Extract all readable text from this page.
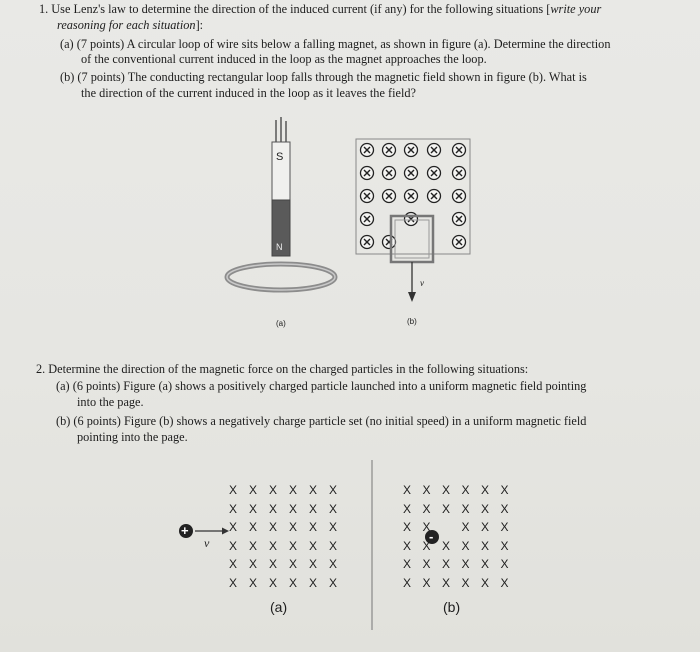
1. Use Lenz's law to determine the direction of the induced current (if any) for the following situations [write your
reasoning for each situation]:
(a) (7 points) A circular loop of wire sits below a falling magnet, as shown in figure (a). Determine the direction
of the conventional current induced in the loop as the magnet approaches the loop.
(b) (7 points) The conducting rectangular loop falls through the magnetic field shown in figure (b). What is
the direction of the current induced in the loop as it leaves the field?
S
N
(a)
v
(b)
2. Determine the direction of the magnetic force on the charged particles in the following situations:
(a) (6 points) Figure (a) shows a positively charged particle launched into a uniform magnetic field pointing
into the page.
(b) (6 points) Figure (b) shows a negatively charge particle set (no initial speed) in a uniform magnetic field
pointing into the page.
+	-
v
(a)	(b)
X X X X X X
X X X X X X
X X X X X X
X X X X X X
X X X X X X
X X X X X X
X X X X X X
X X X X X X
X X	X X X
X X X X X X
X X X X X X
X X X X X X
